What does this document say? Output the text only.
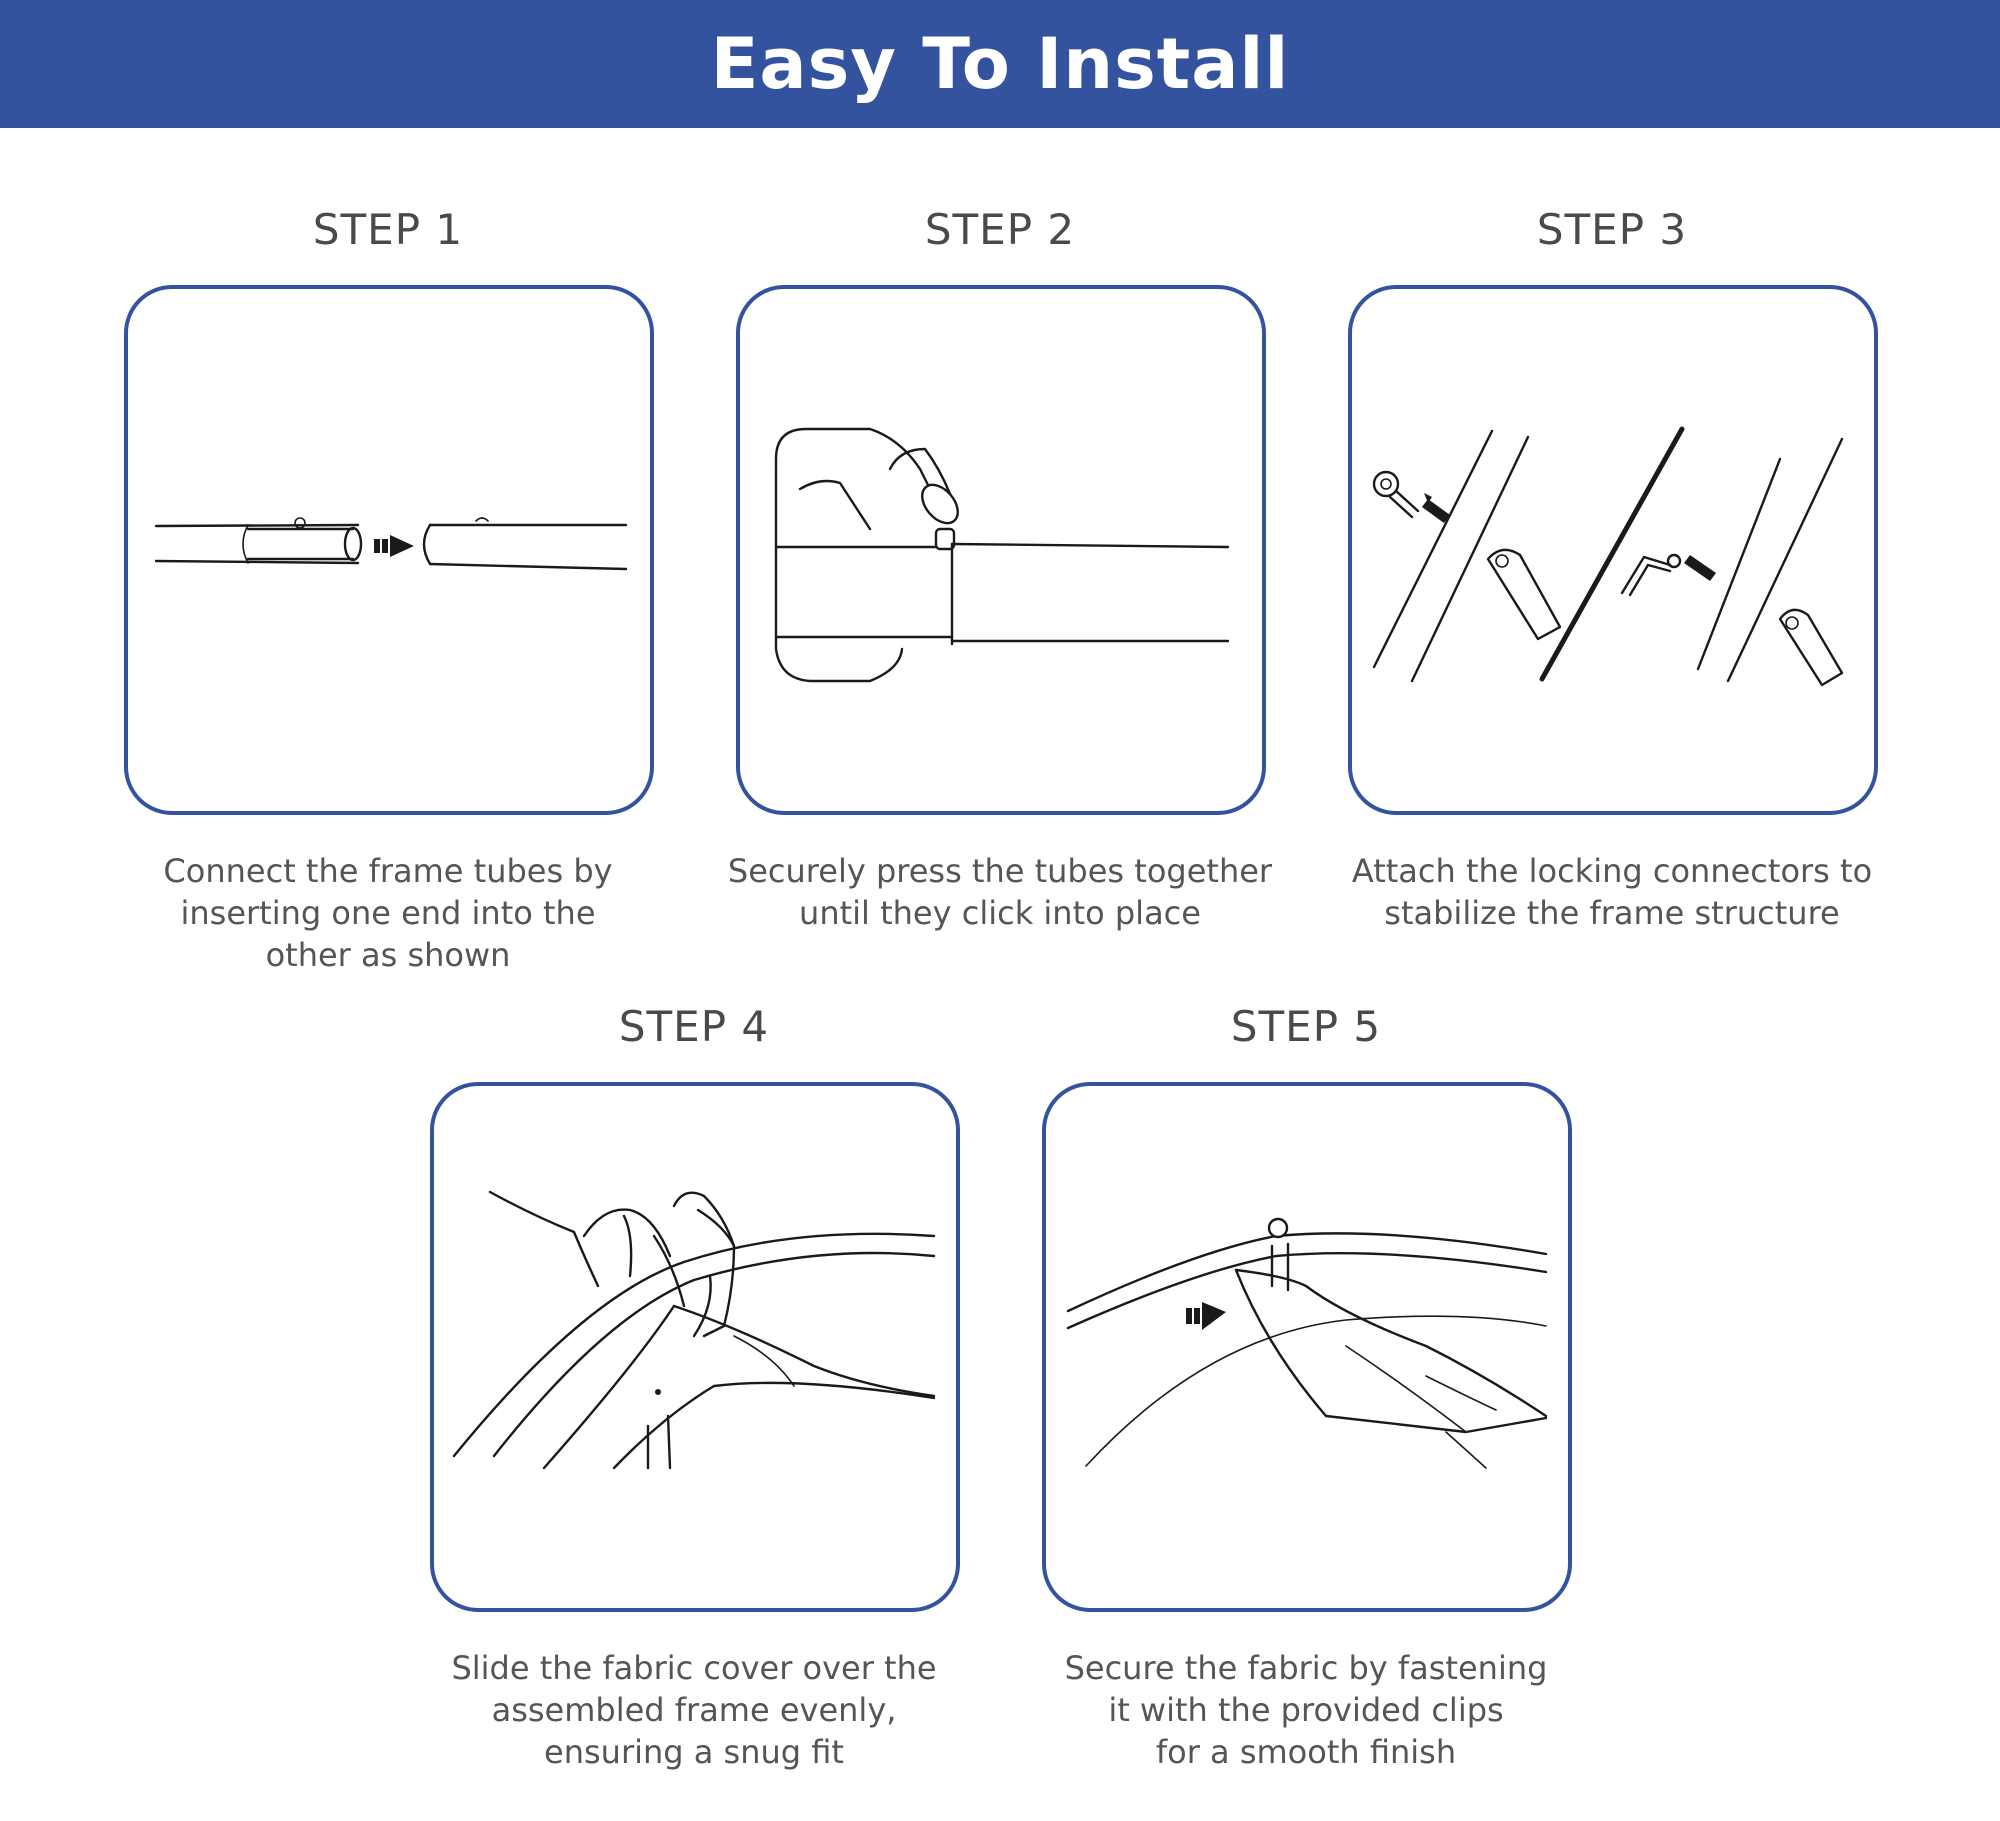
Easy To Install
STEP 1
Connect the frame tubes by
inserting one end into the
other as shown
STEP 2
Securely press the tubes together
until they click into place
STEP 3
Attach the locking connectors to
stabilize the frame structure
STEP 4
Slide the fabric cover over the
assembled frame evenly,
ensuring a snug fit
STEP 5
Secure the fabric by fastening
it with the provided clips
for a smooth finish
